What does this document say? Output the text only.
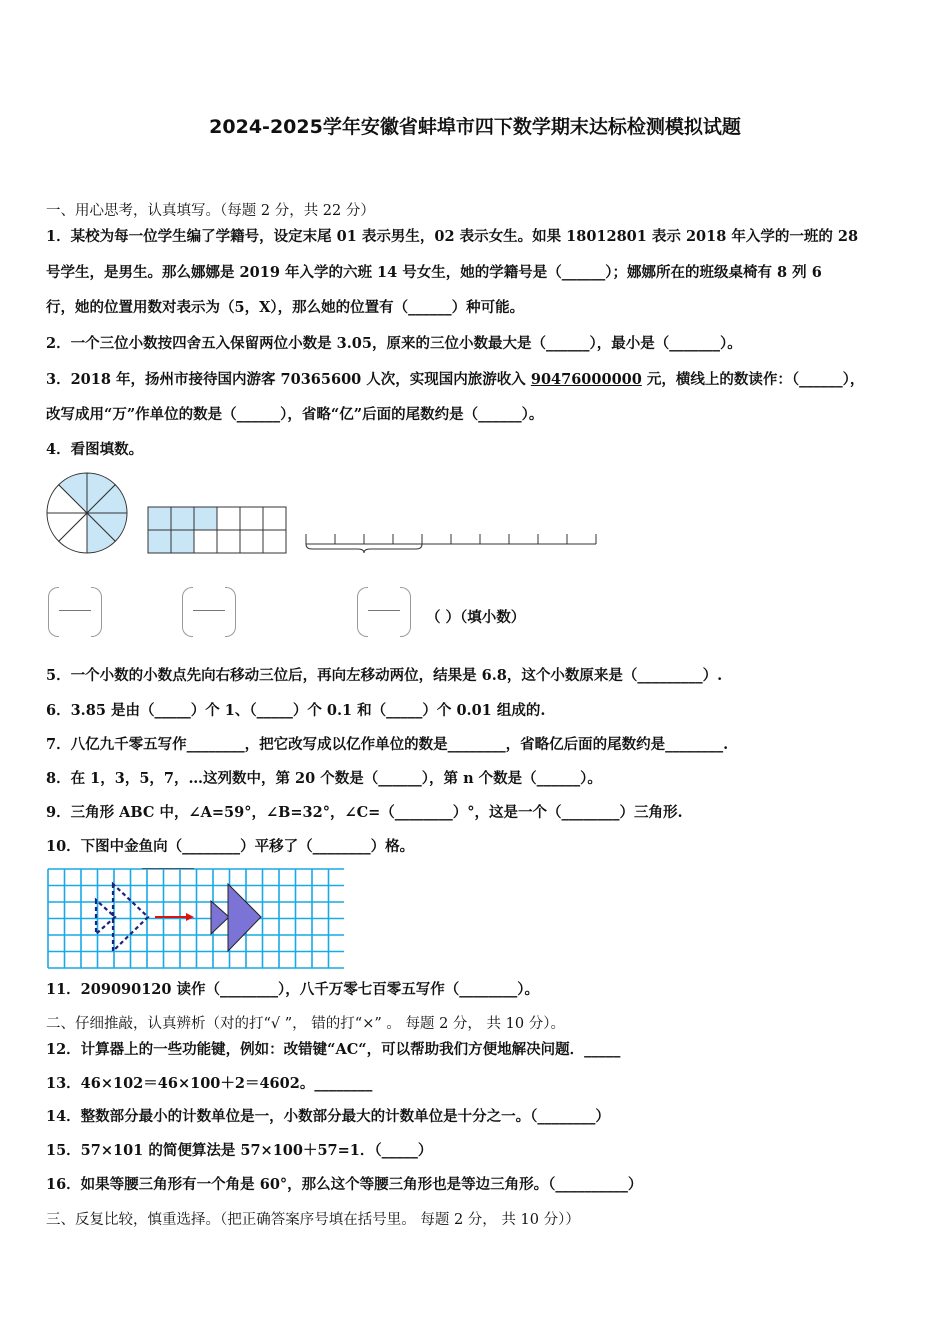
2024-2025学年安徽省蚌埠市四下数学期末达标检测模拟试题
一、用心思考，认真填写。（每题 2 分，共 22 分）
1．某校为每一位学生编了学籍号，设定末尾 01 表示男生，02 表示女生。如果 18012801 表示 2018 年入学的一班的 28
号学生，是男生。那么娜娜是 2019 年入学的六班 14 号女生，她的学籍号是（______）；娜娜所在的班级桌椅有 8 列 6
行，她的位置用数对表示为（5，X），那么她的位置有（______）种可能。
2．一个三位小数按四舍五入保留两位小数是 3.05，原来的三位小数最大是（______），最小是（_______）。
3．2018 年，扬州市接待国内游客 70365600 人次，实现国内旅游收入 90476000000 元，横线上的数读作：（______），
改写成用“万”作单位的数是（______），省略“亿”后面的尾数约是（______）。
4．看图填数。
（ ）（填小数）
5．一个小数的小数点先向右移动三位后，再向左移动两位，结果是 6.8，这个小数原来是（_________）.
6．3.85 是由（_____）个 1、（_____）个 0.1 和（_____）个 0.01 组成的.
7．八亿九千零五写作________，把它改写成以亿作单位的数是________，省略亿后面的尾数约是________.
8．在 1，3，5，7，…这列数中，第 20 个数是（______），第 n 个数是（______）。
9．三角形 ABC 中，∠A=59°，∠B=32°，∠C=（________）°，这是一个（________）三角形.
10．下图中金鱼向（________）平移了（________）格。
11．209090120 读作（________），八千万零七百零五写作（________）。
二、仔细推敲，认真辨析（对的打“√ ”， 错的打“×” 。 每题 2 分， 共 10 分）。
12．计算器上的一些功能键，例如：改错键“AC“，可以帮助我们方便地解决问题．_____
13．46×102＝46×100＋2＝4602。________
14．整数部分最小的计数单位是一，小数部分最大的计数单位是十分之一。（________）
15．57×101 的简便算法是 57×100＋57=1．（_____）
16．如果等腰三角形有一个角是 60°，那么这个等腰三角形也是等边三角形。（__________）
三、反复比较，慎重选择。（把正确答案序号填在括号里。 每题 2 分， 共 10 分））
